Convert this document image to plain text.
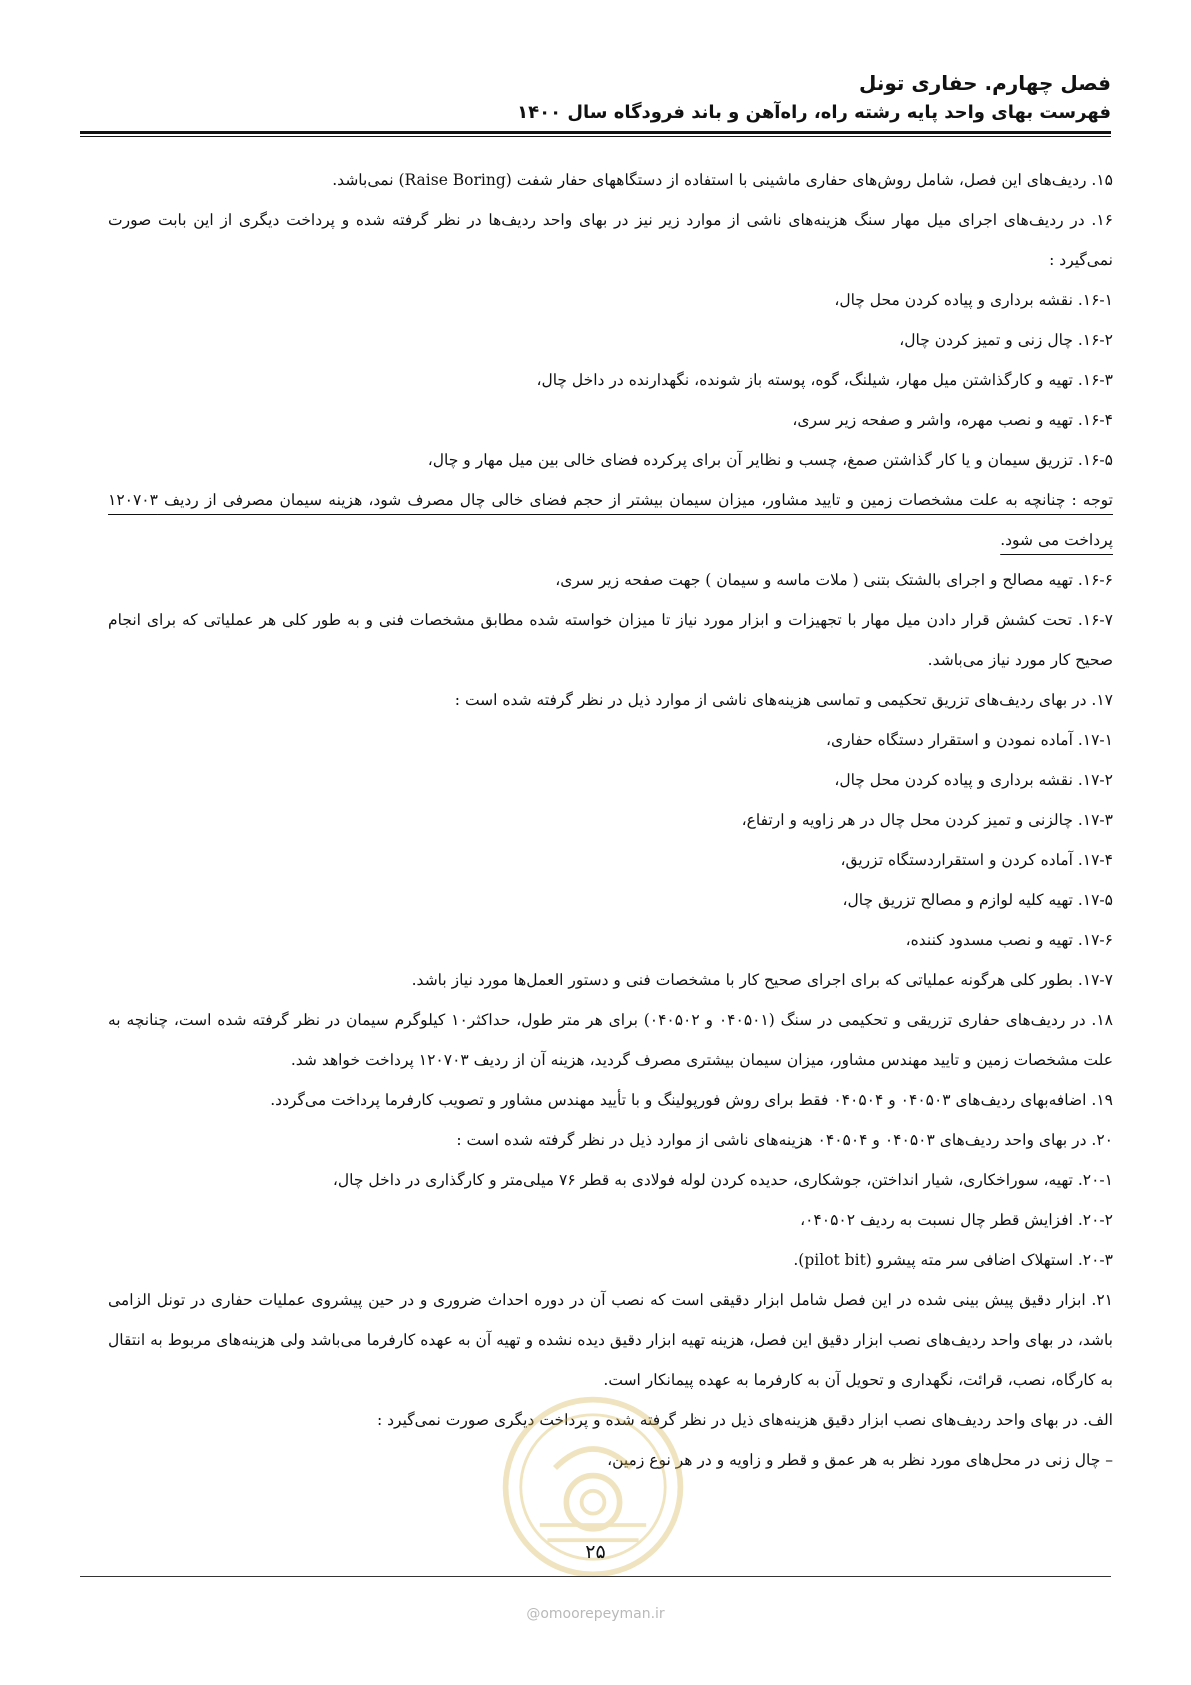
فصل چهارم. حفاری تونل
فهرست بهای واحد پایه رشته راه، راه‌آهن و باند فرودگاه سال ۱۴۰۰

۱۵. ردیف‌های این فصل، شامل روش‌های حفاری ماشینی با استفاده از دستگاههای حفار شفت (Raise Boring) نمی‌باشد.

۱۶. در ردیف‌های اجرای میل مهار سنگ هزینه‌های ناشی از موارد زیر نیز در بهای واحد ردیف‌ها در نظر گرفته شده و پرداخت دیگری از این بابت صورت نمی‌گیرد :

۱۶-۱. نقشه برداری و پیاده کردن محل چال،

۱۶-۲. چال زنی و تمیز کردن چال،

۱۶-۳. تهیه و کارگذاشتن میل مهار، شیلنگ، گوه، پوسته باز شونده، نگهدارنده در داخل چال،

۱۶-۴. تهیه و نصب مهره، واشر و صفحه زیر سری،

۱۶-۵. تزریق سیمان و یا کار گذاشتن صمغ، چسب و نظایر آن برای پرکرده فضای خالی بین میل مهار و چال،

توجه : چنانچه به علت مشخصات زمین و تایید مشاور، میزان سیمان بیشتر از حجم فضای خالی چال مصرف شود، هزینه سیمان مصرفی از ردیف ۱۲۰۷۰۳ پرداخت می شود.

۱۶-۶. تهیه مصالح و اجرای بالشتک بتنی ( ملات ماسه و سیمان ) جهت صفحه زیر سری،

۱۶-۷. تحت کشش قرار دادن میل مهار با تجهیزات و ابزار مورد نیاز تا میزان خواسته شده مطابق مشخصات فنی و به طور کلی هر عملیاتی که برای انجام صحیح کار مورد نیاز می‌باشد.

۱۷. در بهای ردیف‌های تزریق تحکیمی و تماسی هزینه‌های ناشی از موارد ذیل در نظر گرفته شده است :

۱۷-۱. آماده نمودن و استقرار دستگاه حفاری،

۱۷-۲. نقشه برداری و پیاده کردن محل چال،

۱۷-۳. چالزنی و تمیز کردن محل چال در هر زاویه و ارتفاع،

۱۷-۴. آماده کردن و استقراردستگاه تزریق،

۱۷-۵. تهیه کلیه لوازم و مصالح تزریق چال،

۱۷-۶. تهیه و نصب مسدود کننده،

۱۷-۷. بطور کلی هرگونه عملیاتی که برای اجرای صحیح کار با مشخصات فنی و دستور العمل‌ها مورد نیاز باشد.

۱۸. در ردیف‌های حفاری تزریقی و تحکیمی در سنگ (۰۴۰۵۰۱ و ۰۴۰۵۰۲) برای هر متر طول، حداکثر۱۰ کیلوگرم سیمان در نظر گرفته شده است، چنانچه به علت مشخصات زمین و تایید مهندس مشاور، میزان سیمان بیشتری مصرف گردید، هزینه آن از ردیف ۱۲۰۷۰۳ پرداخت خواهد شد.

۱۹. اضافه‌بهای ردیف‌های ۰۴۰۵۰۳ و ۰۴۰۵۰۴ فقط برای روش فورپولینگ و با تأیید مهندس مشاور و تصویب کارفرما پرداخت می‌گردد.

۲۰. در بهای واحد ردیف‌های ۰۴۰۵۰۳ و ۰۴۰۵۰۴ هزینه‌های ناشی از موارد ذیل در نظر گرفته شده است :

۲۰-۱. تهیه، سوراخکاری، شیار انداختن، جوشکاری، حدیده کردن لوله فولادی به قطر ۷۶ میلی‌متر و کارگذاری در داخل چال،

۲۰-۲. افزایش قطر چال نسبت به ردیف ۰۴۰۵۰۲،

۲۰-۳. استهلاک اضافی سر مته پیشرو (pilot bit).

۲۱. ابزار دقیق پیش بینی شده در این فصل شامل ابزار دقیقی است که نصب آن در دوره احداث ضروری و در حین پیشروی عملیات حفاری در تونل الزامی باشد، در بهای واحد ردیف‌های نصب ابزار دقیق این فصل، هزینه تهیه ابزار دقیق دیده نشده و تهیه آن به عهده کارفرما می‌باشد ولی هزینه‌های مربوط به انتقال به کارگاه، نصب، قرائت، نگهداری و تحویل آن به کارفرما به عهده پیمانکار است.

الف. در بهای واحد ردیف‌های نصب ابزار دقیق هزینه‌های ذیل در نظر گرفته شده و پرداخت دیگری صورت نمی‌گیرد :

– چال زنی در محل‌های مورد نظر به هر عمق و قطر و زاویه و در هر نوع زمین،

۲۵
@omoorepeyman.ir
